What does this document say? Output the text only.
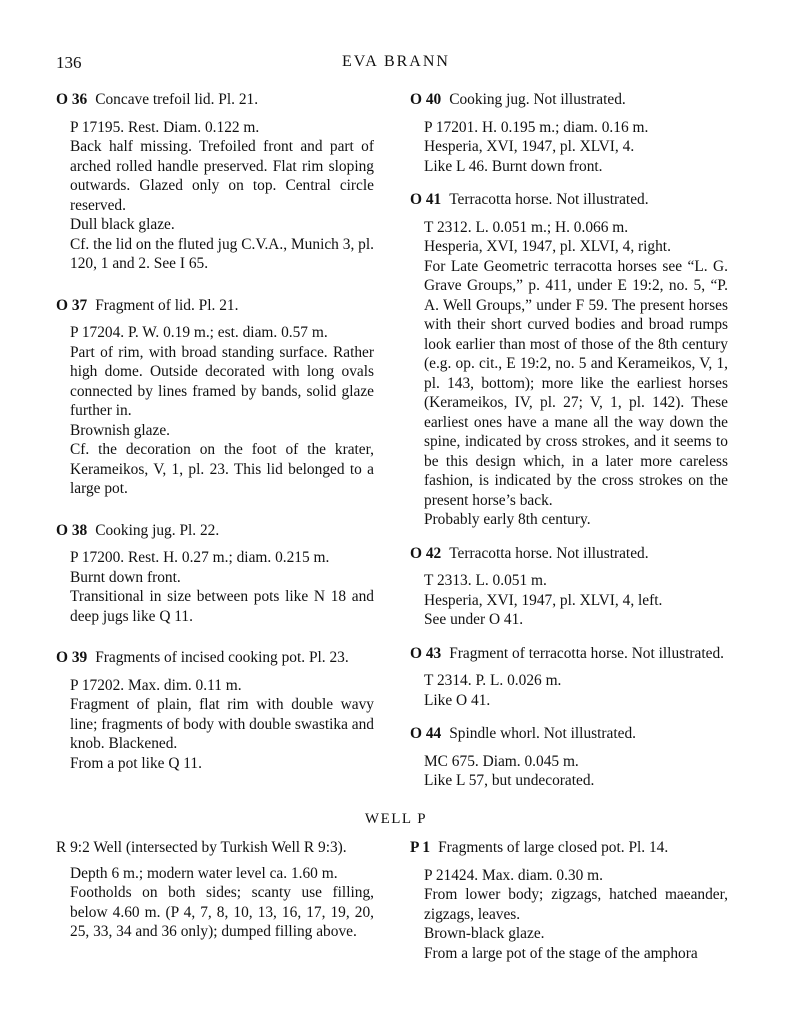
136	EVA BRANN

O 36 Concave trefoil lid. Pl. 21.

P 17195. Rest. Diam. 0.122 m.

Back half missing. Trefoiled front and part of arched rolled handle preserved. Flat rim sloping outwards. Glazed only on top. Central circle reserved.

Dull black glaze.

Cf. the lid on the fluted jug C.V.A., Munich 3, pl. 120, 1 and 2. See I 65.

O 37 Fragment of lid. Pl. 21.

P 17204. P. W. 0.19 m.; est. diam. 0.57 m.

Part of rim, with broad standing surface. Rather high dome. Outside decorated with long ovals connected by lines framed by bands, solid glaze further in.

Brownish glaze.

Cf. the decoration on the foot of the krater, Kerameikos, V, 1, pl. 23. This lid belonged to a large pot.

O 38 Cooking jug. Pl. 22.

P 17200. Rest. H. 0.27 m.; diam. 0.215 m.

Burnt down front.

Transitional in size between pots like N 18 and deep jugs like Q 11.

O 39 Fragments of incised cooking pot. Pl. 23.

P 17202. Max. dim. 0.11 m.

Fragment of plain, flat rim with double wavy line; fragments of body with double swastika and knob. Blackened.

From a pot like Q 11.

O 40 Cooking jug. Not illustrated.

P 17201. H. 0.195 m.; diam. 0.16 m.

Hesperia, XVI, 1947, pl. XLVI, 4.

Like L 46. Burnt down front.

O 41 Terracotta horse. Not illustrated.

T 2312. L. 0.051 m.; H. 0.066 m.

Hesperia, XVI, 1947, pl. XLVI, 4, right.

For Late Geometric terracotta horses see “L. G. Grave Groups,” p. 411, under E 19:2, no. 5, “P. A. Well Groups,” under F 59. The present horses with their short curved bodies and broad rumps look earlier than most of those of the 8th century (e.g. op. cit., E 19:2, no. 5 and Kerameikos, V, 1, pl. 143, bottom); more like the earliest horses (Kerameikos, IV, pl. 27; V, 1, pl. 142). These earliest ones have a mane all the way down the spine, indicated by cross strokes, and it seems to be this design which, in a later more careless fashion, is indicated by the cross strokes on the present horse’s back.

Probably early 8th century.

O 42 Terracotta horse. Not illustrated.

T 2313. L. 0.051 m.

Hesperia, XVI, 1947, pl. XLVI, 4, left.

See under O 41.

O 43 Fragment of terracotta horse. Not illustrated.

T 2314. P. L. 0.026 m.

Like O 41.

O 44 Spindle whorl. Not illustrated.

MC 675. Diam. 0.045 m.

Like L 57, but undecorated.

WELL P

R 9:2 Well (intersected by Turkish Well R 9:3).

Depth 6 m.; modern water level ca. 1.60 m.

Footholds on both sides; scanty use filling, below 4.60 m. (P 4, 7, 8, 10, 13, 16, 17, 19, 20, 25, 33, 34 and 36 only); dumped filling above.

P 1 Fragments of large closed pot. Pl. 14.

P 21424. Max. diam. 0.30 m.

From lower body; zigzags, hatched maeander, zigzags, leaves.

Brown-black glaze.

From a large pot of the stage of the amphora
